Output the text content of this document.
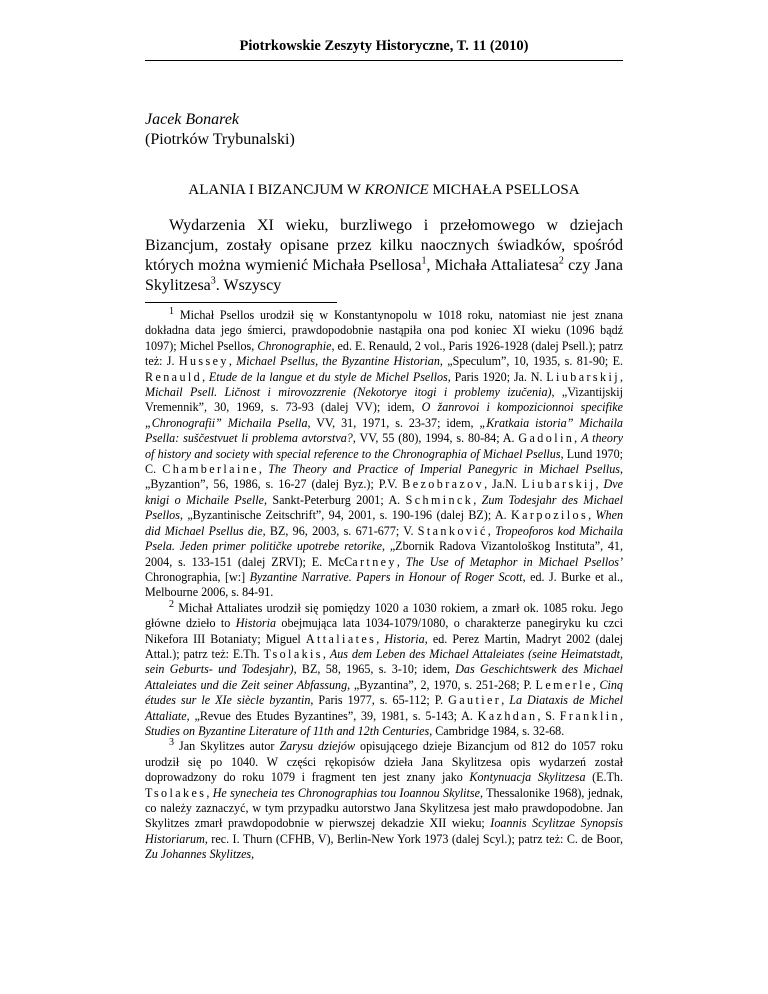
Piotrkowskie Zeszyty Historyczne, T. 11 (2010)
Jacek Bonarek
(Piotrków Trybunalski)
ALANIA I BIZANCJUM W KRONICE MICHAŁA PSELLOSA

Wydarzenia XI wieku, burzliwego i przełomowego w dziejach Bizancjum, zostały opisane przez kilku naocznych świadków, spośród których można wymienić Michała Psellosa$^1$, Michała Attaliatesa$^2$ czy Jana Skylitzesa$^3$. Wszyscy

$^1$ Michał Psellos urodził się w Konstantynopolu w 1018 roku, natomiast nie jest znana dokładna data jego śmierci, prawdopodobnie nastąpiła ona pod koniec XI wieku (1096 bądź 1097); Michel Psellos, Chronographie, ed. E. Renauld, 2 vol., Paris 1926-1928 (dalej Psell.); patrz też: J. Hussey, Michael Psellus, the Byzantine Historian, „Speculum”, 10, 1935, s. 81-90; E. Renauld, Etude de la langue et du style de Michel Psellos, Paris 1920; Ja. N. Liubarskij, Michail Psell. Ličnost i mirovozzrenie (Nekotorye itogi i problemy izučenia), „Vizantijskij Vremennik”, 30, 1969, s. 73-93 (dalej VV); idem, O žanrovoi i kompozicionnoi specifike „Chronografii” Michaila Psella, VV, 31, 1971, s. 23-37; idem, „Kratkaia istoria” Michaila Psella: suščestvuet li problema avtorstva?, VV, 55 (80), 1994, s. 80-84; A. Gadolin, A theory of history and society with special reference to the Chronographia of Michael Psellus, Lund 1970; C. Chamberlaine, The Theory and Practice of Imperial Panegyric in Michael Psellus, „Byzantion”, 56, 1986, s. 16-27 (dalej Byz.); P.V. Bezobrazov, Ja.N. Liubarskij, Dve knigi o Michaile Pselle, Sankt-Peterburg 2001; A. Schminck, Zum Todesjahr des Michael Psellos, „Byzantinische Zeitschrift”, 94, 2001, s. 190-196 (dalej BZ); A. Karpozilos, When did Michael Psellus die, BZ, 96, 2003, s. 671-677; V. Stanković, Tropeoforos kod Michaila Psela. Jeden primer političke upotrebe retorike, „Zbornik Radova Vizantološkog Instituta”, 41, 2004, s. 133-151 (dalej ZRVI); E. McCartney, The Use of Metaphor in Michael Psellos’ Chronographia, [w:] Byzantine Narrative. Papers in Honour of Roger Scott, ed. J. Burke et al., Melbourne 2006, s. 84-91.

$^2$ Michał Attaliates urodził się pomiędzy 1020 a 1030 rokiem, a zmarł ok. 1085 roku. Jego główne dzieło to Historia obejmująca lata 1034-1079/1080, o charakterze panegiryku ku czci Nikefora III Botaniaty; Miguel Attaliates, Historia, ed. Perez Martin, Madryt 2002 (dalej Attal.); patrz też: E.Th. Tsolakis, Aus dem Leben des Michael Attaleiates (seine Heimatstadt, sein Geburts- und Todesjahr), BZ, 58, 1965, s. 3-10; idem, Das Geschichtswerk des Michael Attaleiates und die Zeit seiner Abfassung, „Byzantina”, 2, 1970, s. 251-268; P. Lemerle, Cinq études sur le XIe siècle byzantin, Paris 1977, s. 65-112; P. Gautier, La Diataxis de Michel Attaliate, „Revue des Etudes Byzantines”, 39, 1981, s. 5-143; A. Kazhdan, S. Franklin, Studies on Byzantine Literature of 11th and 12th Centuries, Cambridge 1984, s. 32-68.

$^3$ Jan Skylitzes autor Zarysu dziejów opisującego dzieje Bizancjum od 812 do 1057 roku urodził się po 1040. W części rękopisów dzieła Jana Skylitzesa opis wydarzeń został doprowadzony do roku 1079 i fragment ten jest znany jako Kontynuacja Skylitzesa (E.Th. Tsolakes, He synecheia tes Chronographias tou Ioannou Skylitse, Thessalonike 1968), jednak, co należy zaznaczyć, w tym przypadku autorstwo Jana Skylitzesa jest mało prawdopodobne. Jan Skylitzes zmarł prawdopodobnie w pierwszej dekadzie XII wieku; Ioannis Scylitzae Synopsis Historiarum, rec. I. Thurn (CFHB, V), Berlin-New York 1973 (dalej Scyl.); patrz też: C. de Boor, Zu Johannes Skylitzes,
